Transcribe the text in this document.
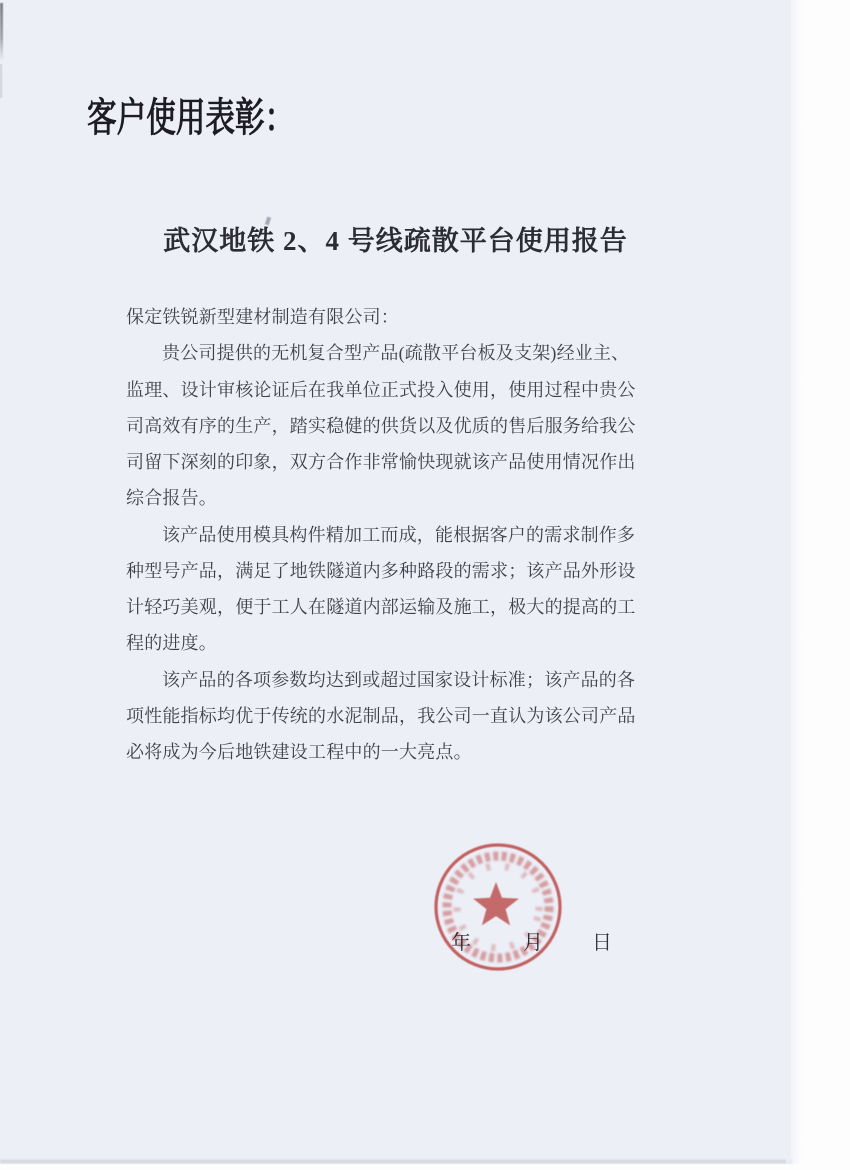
客户使用表彰：
武汉地铁 2、4 号线疏散平台使用报告
保定铁锐新型建材制造有限公司：
贵公司提供的无机复合型产品(疏散平台板及支架)经业主、
监理、设计审核论证后在我单位正式投入使用，使用过程中贵公
司高效有序的生产，踏实稳健的供货以及优质的售后服务给我公
司留下深刻的印象，双方合作非常愉快现就该产品使用情况作出
综合报告。
该产品使用模具构件精加工而成，能根据客户的需求制作多
种型号产品，满足了地铁隧道内多种路段的需求；该产品外形设
计轻巧美观，便于工人在隧道内部运输及施工，极大的提高的工
程的进度。
该产品的各项参数均达到或超过国家设计标准；该产品的各
项性能指标均优于传统的水泥制品，我公司一直认为该公司产品
必将成为今后地铁建设工程中的一大亮点。
年	月 日
